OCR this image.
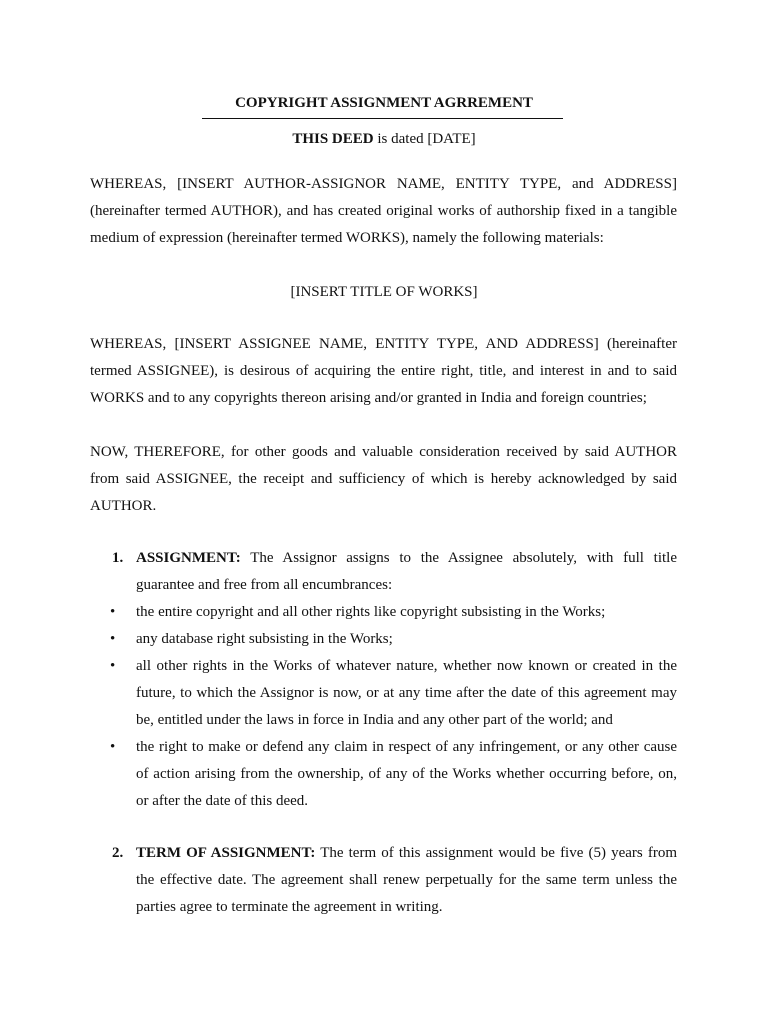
COPYRIGHT ASSIGNMENT AGRREMENT
THIS DEED is dated [DATE]
WHEREAS, [INSERT AUTHOR-ASSIGNOR NAME, ENTITY TYPE, and ADDRESS] (hereinafter termed AUTHOR), and has created original works of authorship fixed in a tangible medium of expression (hereinafter termed WORKS), namely the following materials:
[INSERT TITLE OF WORKS]
WHEREAS, [INSERT ASSIGNEE NAME, ENTITY TYPE, AND ADDRESS] (hereinafter termed ASSIGNEE), is desirous of acquiring the entire right, title, and interest in and to said WORKS and to any copyrights thereon arising and/or granted in India and foreign countries;
NOW, THEREFORE, for other goods and valuable consideration received by said AUTHOR from said ASSIGNEE, the receipt and sufficiency of which is hereby acknowledged by said AUTHOR.
1. ASSIGNMENT: The Assignor assigns to the Assignee absolutely, with full title guarantee and free from all encumbrances:
• the entire copyright and all other rights like copyright subsisting in the Works;
• any database right subsisting in the Works;
• all other rights in the Works of whatever nature, whether now known or created in the future, to which the Assignor is now, or at any time after the date of this agreement may be, entitled under the laws in force in India and any other part of the world; and
• the right to make or defend any claim in respect of any infringement, or any other cause of action arising from the ownership, of any of the Works whether occurring before, on, or after the date of this deed.
2. TERM OF ASSIGNMENT: The term of this assignment would be five (5) years from the effective date. The agreement shall renew perpetually for the same term unless the parties agree to terminate the agreement in writing.
